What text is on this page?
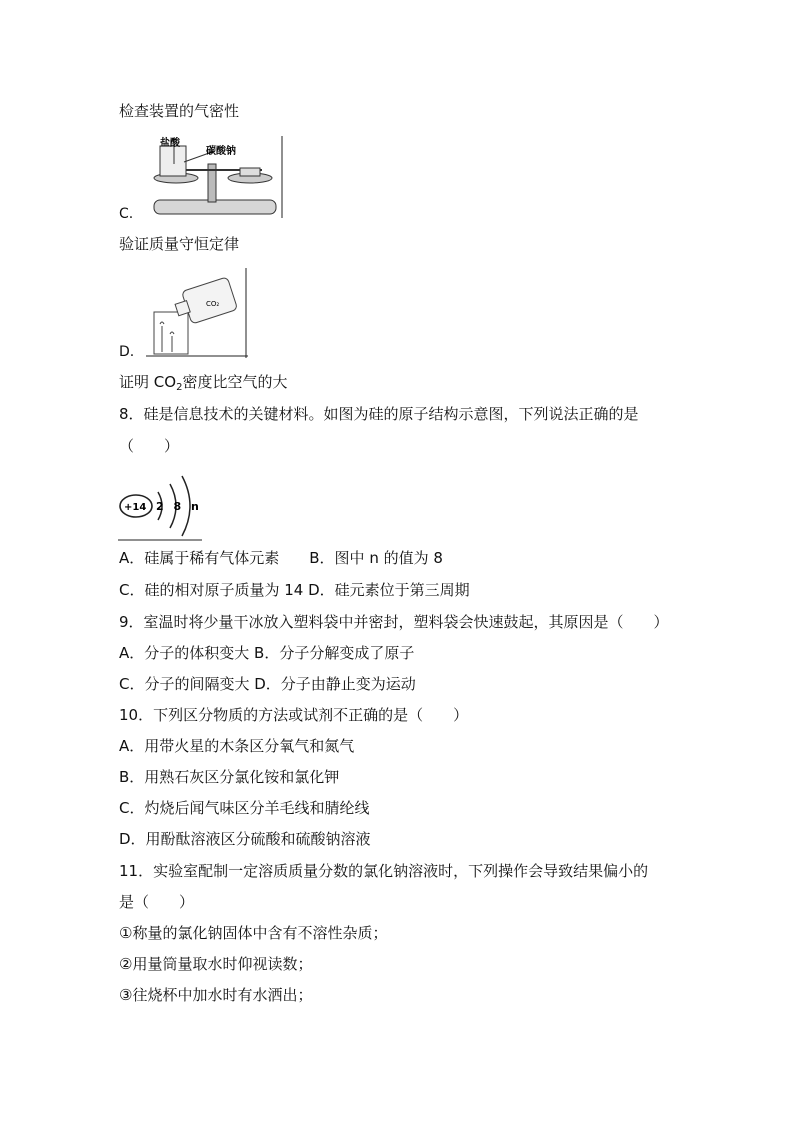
检查装置的气密性
C.
盐酸
碳酸钠
验证质量守恒定律
D.
CO₂
证明 $CO_2$密度比空气的大
8．硅是信息技术的关键材料。如图为硅的原子结构示意图，下列说法正确的是
（　　）
+14 2 8 n
A．硅属于稀有气体元素　　B．图中 n 的值为 8
C．硅的相对原子质量为 14 D．硅元素位于第三周期
9．室温时将少量干冰放入塑料袋中并密封，塑料袋会快速鼓起，其原因是（　　）
A．分子的体积变大 B．分子分解变成了原子
C．分子的间隔变大 D．分子由静止变为运动
10．下列区分物质的方法或试剂不正确的是（　　）
A．用带火星的木条区分氧气和氮气
B．用熟石灰区分氯化铵和氯化钾
C．灼烧后闻气味区分羊毛线和腈纶线
D．用酚酞溶液区分硫酸和硫酸钠溶液
11．实验室配制一定溶质质量分数的氯化钠溶液时，下列操作会导致结果偏小的
是（　　）
①称量的氯化钠固体中含有不溶性杂质；
②用量筒量取水时仰视读数；
③往烧杯中加水时有水洒出；
